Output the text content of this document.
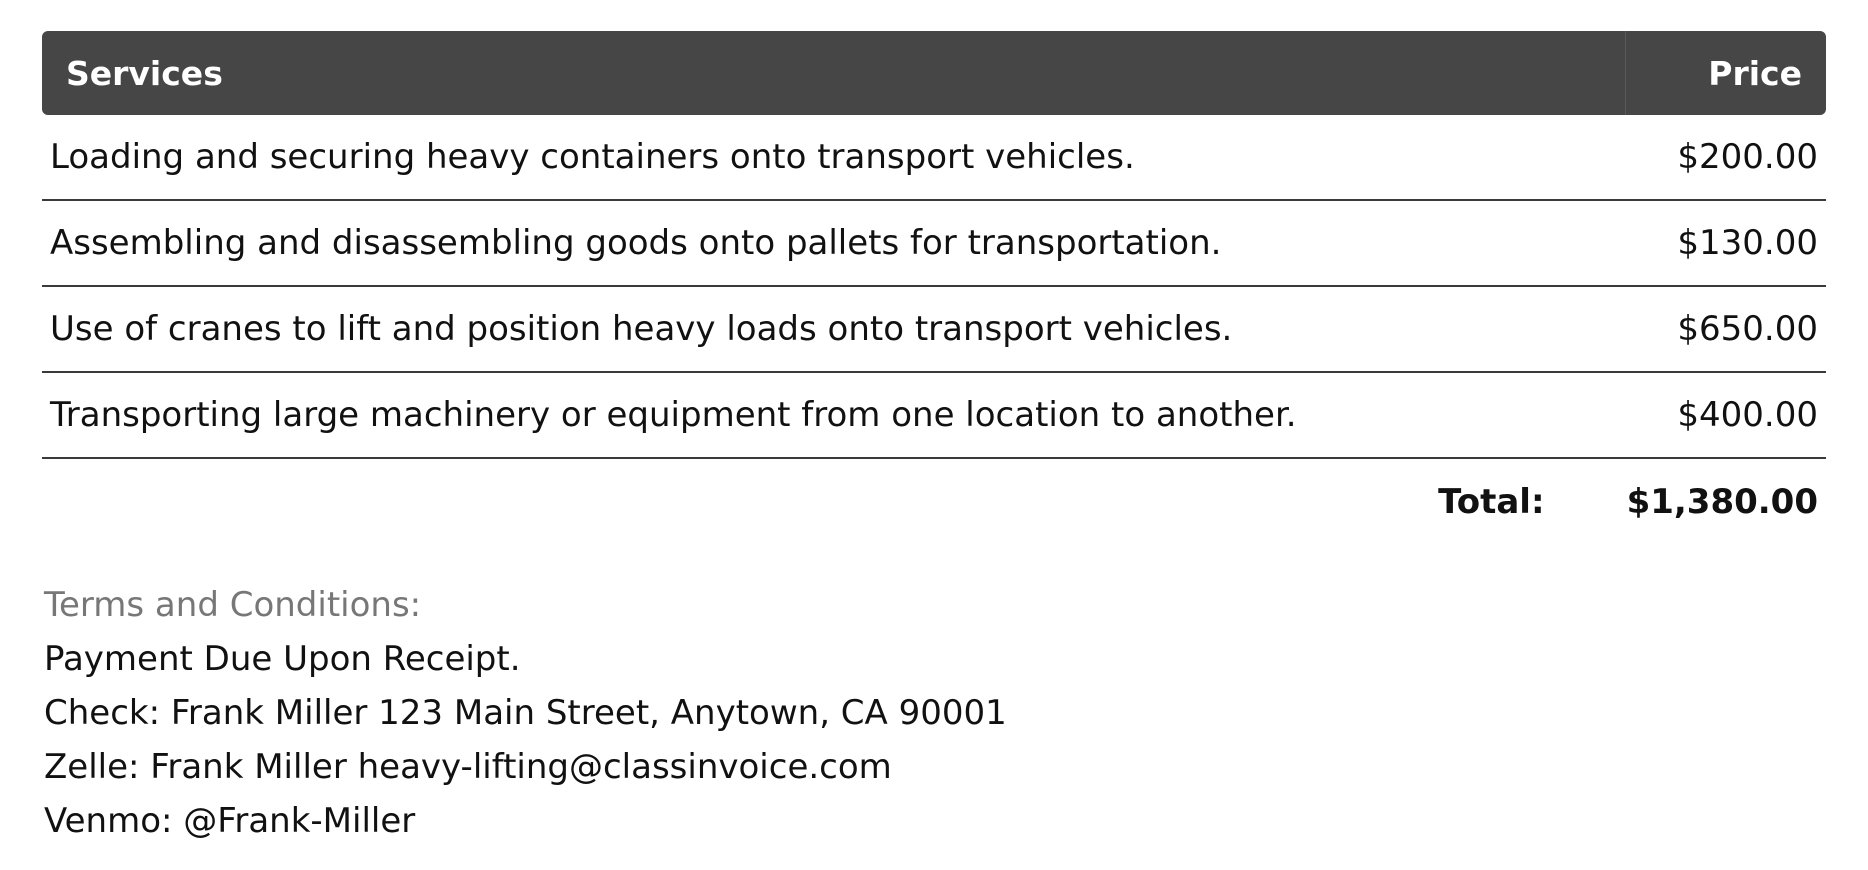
Services	Price
Loading and securing heavy containers onto transport vehicles.	$200.00
Assembling and disassembling goods onto pallets for transportation.	$130.00
Use of cranes to lift and position heavy loads onto transport vehicles.	$650.00
Transporting large machinery or equipment from one location to another.	$400.00
Total: $1,380.00
Terms and Conditions:
Payment Due Upon Receipt.
Check: Frank Miller 123 Main Street, Anytown, CA 90001
Zelle: Frank Miller heavy-lifting@classinvoice.com
Venmo: @Frank-Miller
